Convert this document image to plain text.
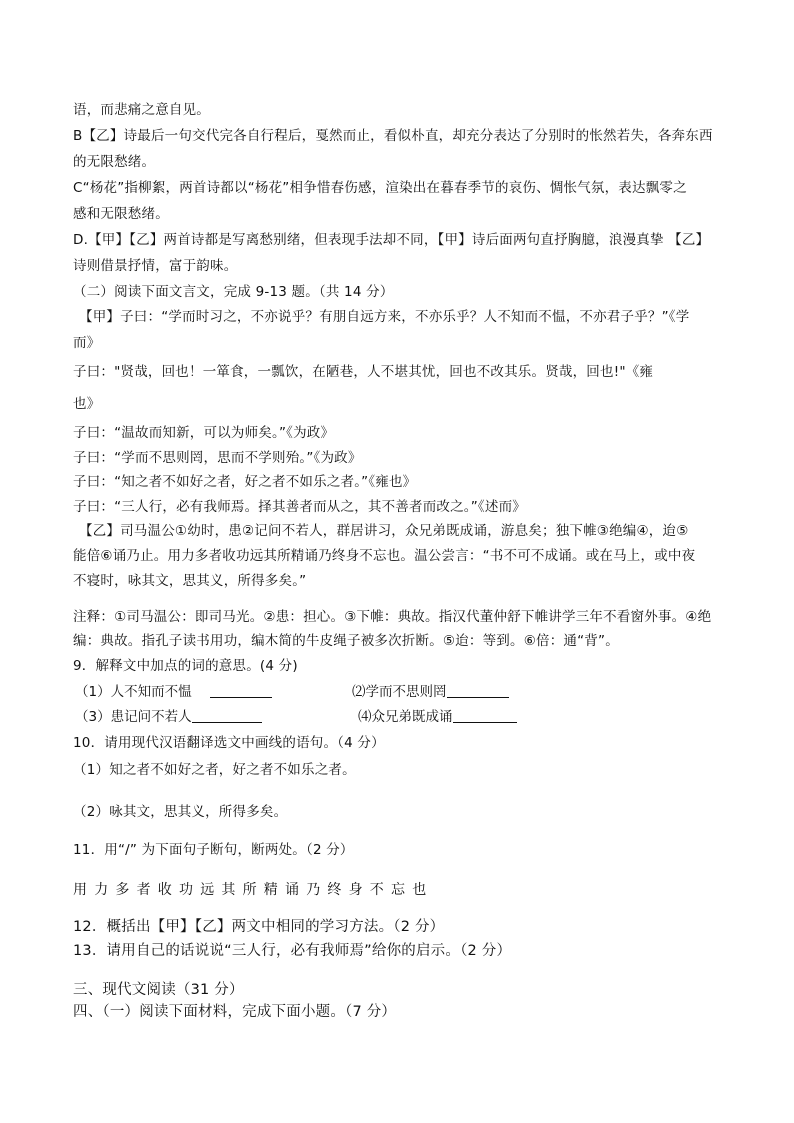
语，而悲痛之意自见。
B【乙】诗最后一句交代完各自行程后，戛然而止，看似朴直，却充分表达了分别时的怅然若失，各奔东西
的无限愁绪。
C“杨花”指柳絮，两首诗都以“杨花”相争惜春伤感，渲染出在暮春季节的哀伤、惆怅气氛，表达飘零之
感和无限愁绪。
D.【甲】【乙】两首诗都是写离愁别绪，但表现手法却不同，【甲】诗后面两句直抒胸臆，浪漫真挚 【乙】
诗则借景抒情，富于韵味。
（二）阅读下面文言文，完成 9-13 题。（共 14 分）
【甲】子曰：“学而时习之，不亦说乎？有朋自远方来，不亦乐乎？人不知而不愠，不亦君子乎？”《学
而》
子曰："贤哉，回也！一箪食，一瓢饮，在陋巷，人不堪其忧，回也不改其乐。贤哉，回也!"《雍
也》
子曰：“温故而知新，可以为师矣。”《为政》
子曰：“学而不思则罔，思而不学则殆。”《为政》
子曰：“知之者不如好之者，好之者不如乐之者。”《雍也》
子曰：“三人行，必有我师焉。择其善者而从之，其不善者而改之。”《述而》
【乙】司马温公①幼时，患②记问不若人，群居讲习，众兄弟既成诵，游息矣；独下帷③绝编④，迨⑤
能倍⑥诵乃止。用力多者收功远其所精诵乃终身不忘也。温公尝言：“书不可不成诵。或在马上，或中夜
不寝时，咏其文，思其义，所得多矣。”
注释：①司马温公：即司马光。②患：担心。③下帷：典故。指汉代董仲舒下帷讲学三年不看窗外事。④绝
编：典故。指孔子读书用功，编木简的牛皮绳子被多次折断。⑤迨：等到。⑥倍：通“背”。
9．解释文中加点的词的意思。(4 分)
（1）人不知而不愠	⑵学而不思则罔
（3）患记问不若人	⑷众兄弟既成诵
10．请用现代汉语翻译选文中画线的语句。（4 分）
（1）知之者不如好之者，好之者不如乐之者。
（2）咏其文，思其义，所得多矣。
11．用“/” 为下面句子断句，断两处。（2 分）
用力多者收功远其所精诵乃终身不忘也
12．概括出【甲】【乙】两文中相同的学习方法。（2 分）
13．请用自己的话说说“三人行，必有我师焉”给你的启示。（2 分）
三、现代文阅读（31 分）
四、（一）阅读下面材料，完成下面小题。（7 分）
